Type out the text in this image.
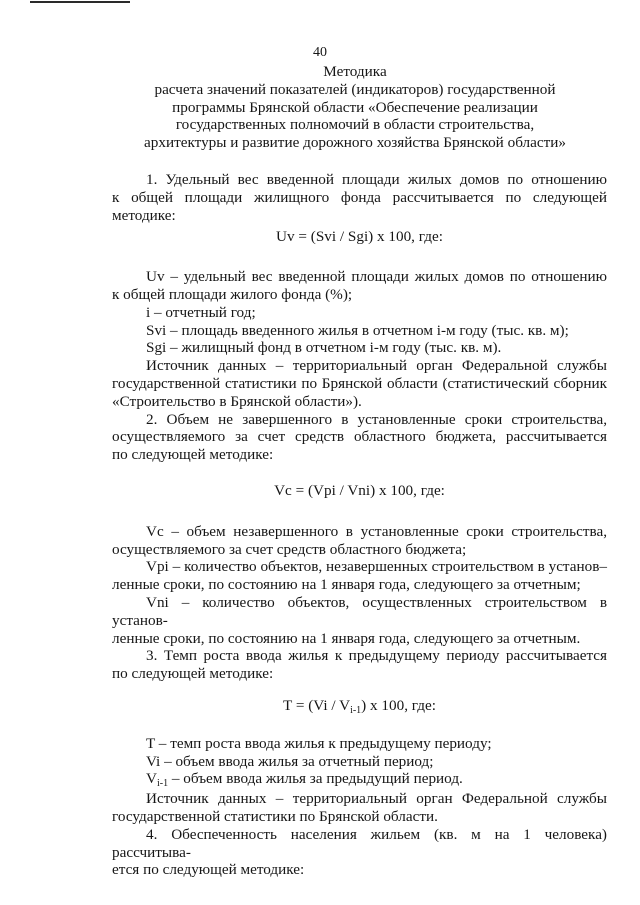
40
Методика
расчета значений показателей (индикаторов) государственной
программы Брянской области «Обеспечение реализации
государственных полномочий в области строительства,
архитектуры и развитие дорожного хозяйства Брянской области»
1. Удельный вес введенной площади жилых домов по отношению
к общей площади жилищного фонда рассчитывается по следующей
методике:
Uv = (Svi / Sgi) x 100, где:
Uv – удельный вес введенной площади жилых домов по отношению
к общей площади жилого фонда (%);
i – отчетный год;
Svi – площадь введенного жилья в отчетном i-м году (тыс. кв. м);
Sgi – жилищный фонд в отчетном i-м году (тыс. кв. м).
Источник данных – территориальный орган Федеральной службы
государственной статистики по Брянской области (статистический сборник
«Строительство в Брянской области»).
2. Объем не завершенного в установленные сроки строительства,
осуществляемого за счет средств областного бюджета, рассчитывается
по следующей методике:
Vc = (Vpi / Vni) x 100, где:
Vc – объем незавершенного в установленные сроки строительства,
осуществляемого за счет средств областного бюджета;
Vpi – количество объектов, незавершенных строительством в установ–
ленные сроки, по состоянию на 1 января года, следующего за отчетным;
Vni – количество объектов, осуществленных строительством в установ-
ленные сроки, по состоянию на 1 января года, следующего за отчетным.
3. Темп роста ввода жилья к предыдущему периоду рассчитывается
по следующей методике:
T = (Vi / Vi-1) x 100, где:
T – темп роста ввода жилья к предыдущему периоду;
Vi – объем ввода жилья за отчетный период;
Vi-1 – объем ввода жилья за предыдущий период.
Источник данных – территориальный орган Федеральной службы
государственной статистики по Брянской области.
4. Обеспеченность населения жильем (кв. м на 1 человека) рассчитыва-
ется по следующей методике:
